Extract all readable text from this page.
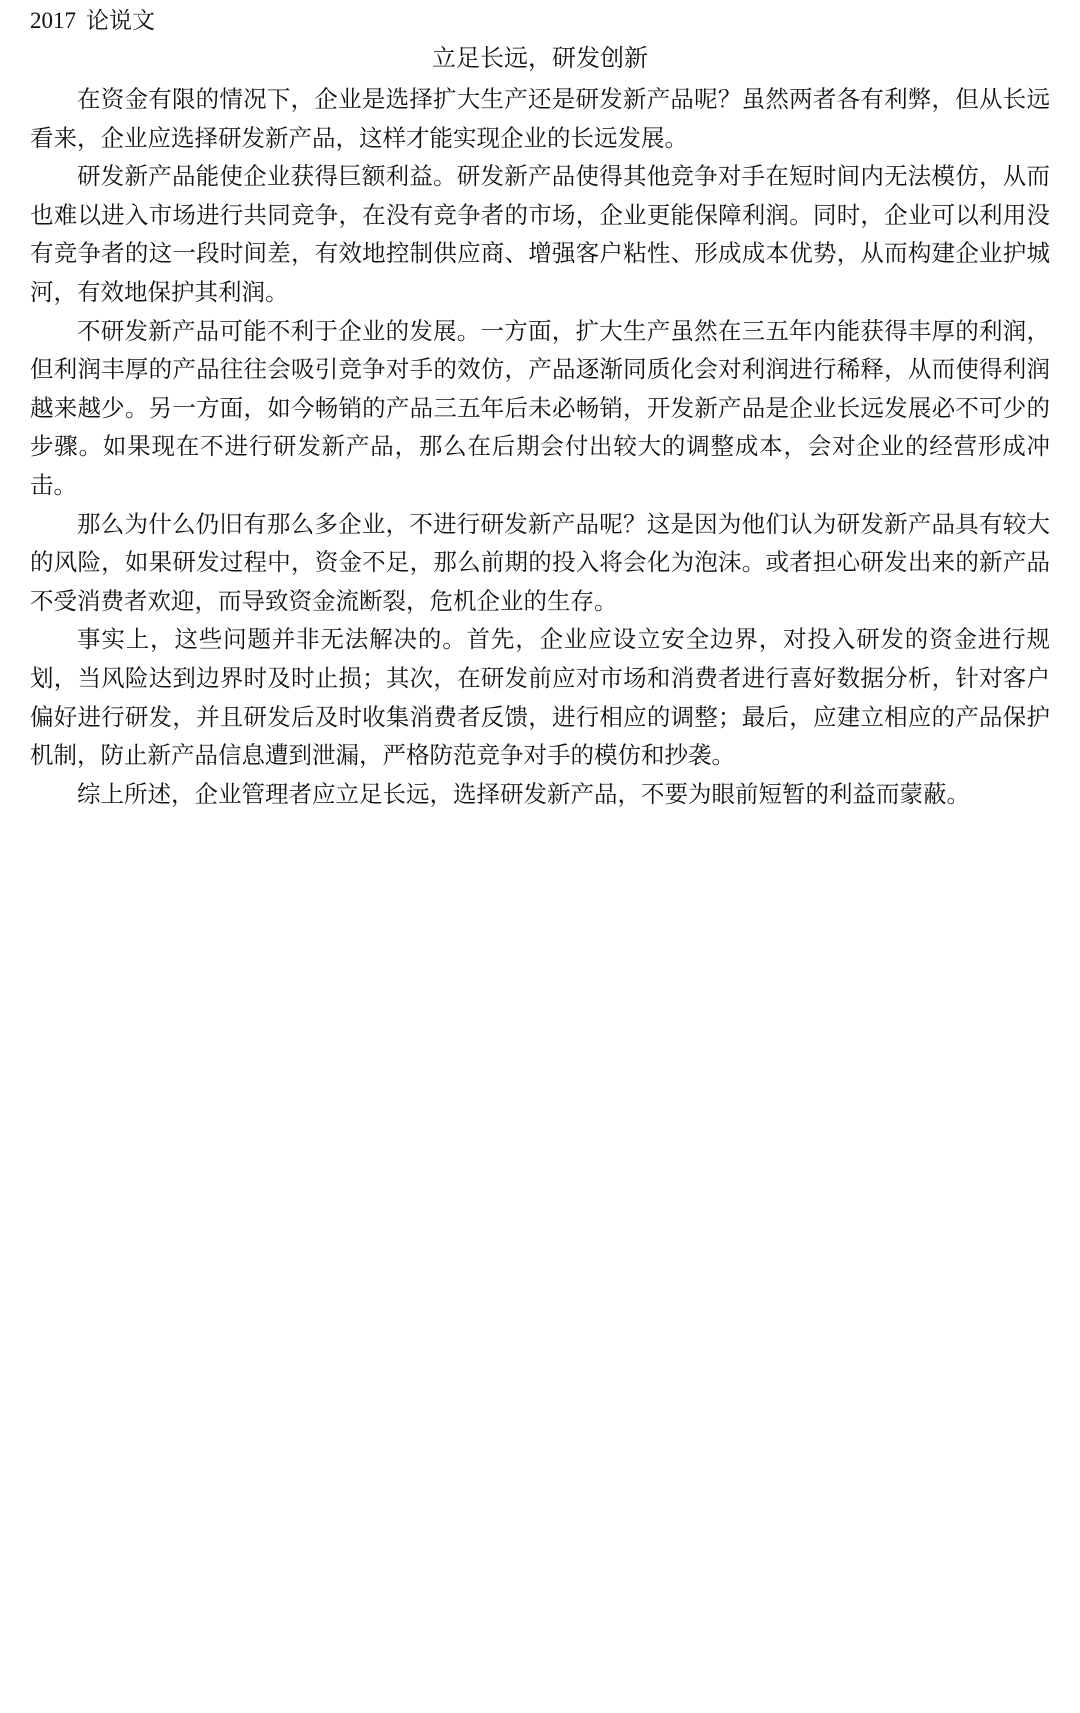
2017 论说文
立足长远，研发创新

在资金有限的情况下，企业是选择扩大生产还是研发新产品呢？虽然两者各有利弊，但从长远看来，企业应选择研发新产品，这样才能实现企业的长远发展。

研发新产品能使企业获得巨额利益。研发新产品使得其他竞争对手在短时间内无法模仿，从而也难以进入市场进行共同竞争，在没有竞争者的市场，企业更能保障利润。同时，企业可以利用没有竞争者的这一段时间差，有效地控制供应商、增强客户粘性、形成成本优势，从而构建企业护城河，有效地保护其利润。

不研发新产品可能不利于企业的发展。一方面，扩大生产虽然在三五年内能获得丰厚的利润，但利润丰厚的产品往往会吸引竞争对手的效仿，产品逐渐同质化会对利润进行稀释，从而使得利润越来越少。另一方面，如今畅销的产品三五年后未必畅销，开发新产品是企业长远发展必不可少的步骤。如果现在不进行研发新产品，那么在后期会付出较大的调整成本，会对企业的经营形成冲击。

那么为什么仍旧有那么多企业，不进行研发新产品呢？这是因为他们认为研发新产品具有较大的风险，如果研发过程中，资金不足，那么前期的投入将会化为泡沫。或者担心研发出来的新产品不受消费者欢迎，而导致资金流断裂，危机企业的生存。

事实上，这些问题并非无法解决的。首先，企业应设立安全边界，对投入研发的资金进行规划，当风险达到边界时及时止损；其次，在研发前应对市场和消费者进行喜好数据分析，针对客户偏好进行研发，并且研发后及时收集消费者反馈，进行相应的调整；最后，应建立相应的产品保护机制，防止新产品信息遭到泄漏，严格防范竞争对手的模仿和抄袭。

综上所述，企业管理者应立足长远，选择研发新产品，不要为眼前短暂的利益而蒙蔽。
